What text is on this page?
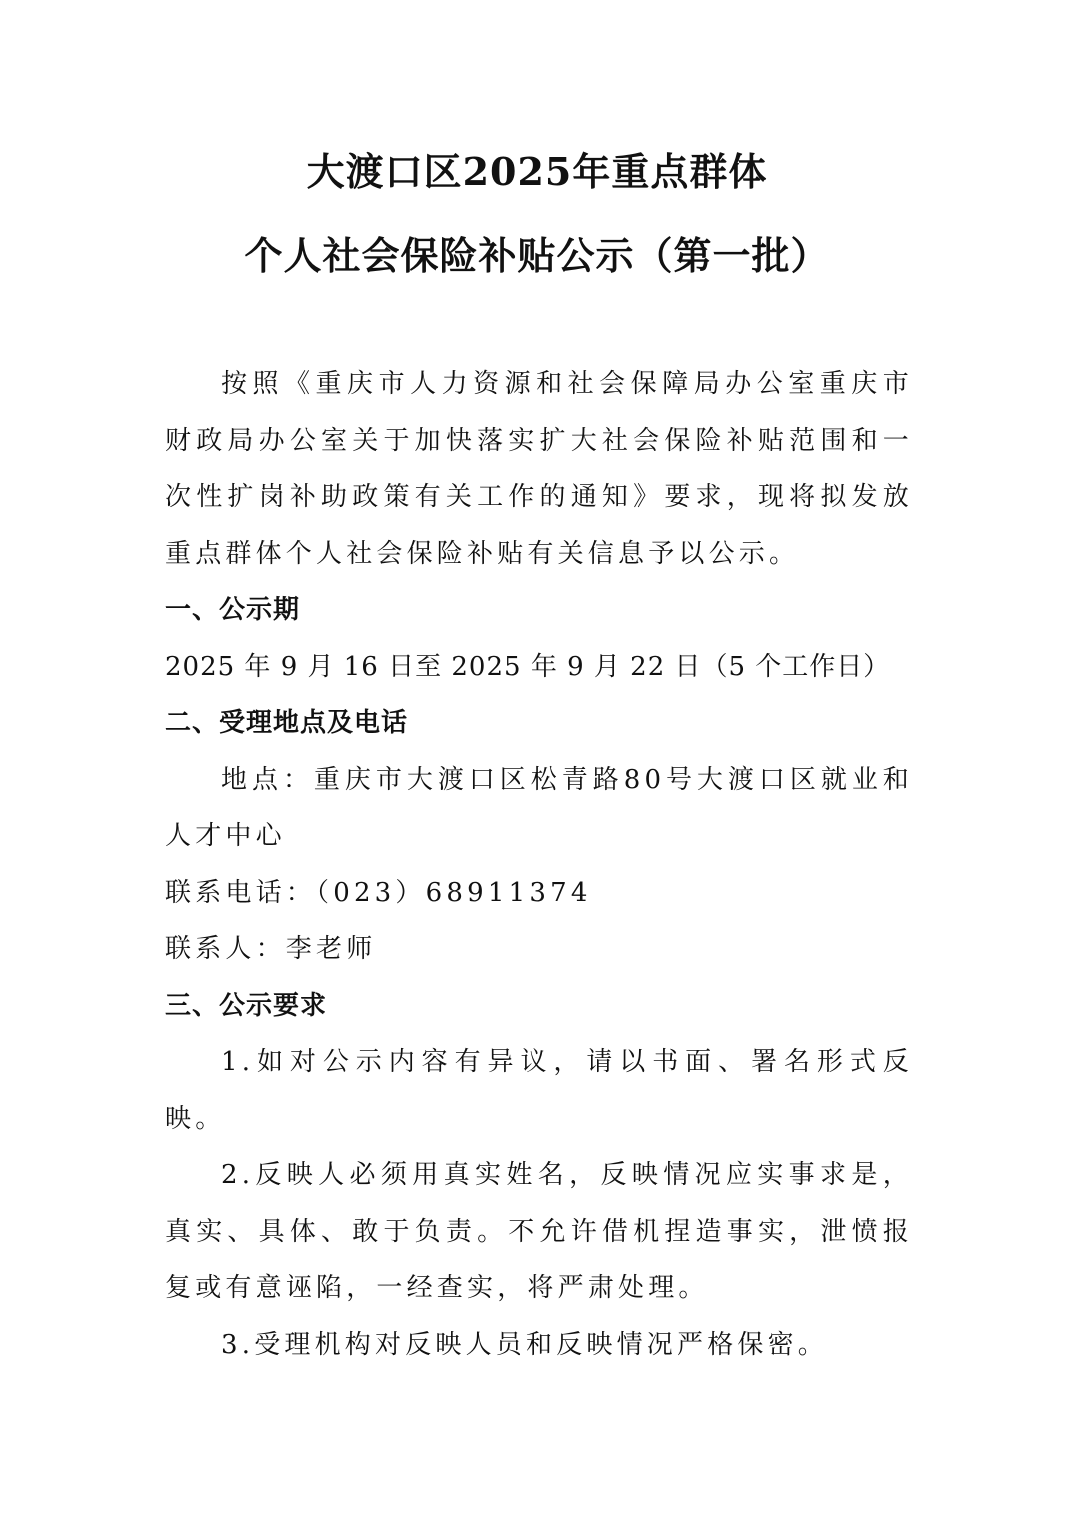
大渡口区2025年重点群体
个人社会保险补贴公示（第一批）

按照《重庆市人力资源和社会保障局办公室重庆市财政局办公室关于加快落实扩大社会保险补贴范围和一次性扩岗补助政策有关工作的通知》要求，现将拟发放重点群体个人社会保险补贴有关信息予以公示。

一、公示期

2025 年 9 月 16 日至 2025 年 9 月 22 日（5 个工作日）

二、受理地点及电话

地点：重庆市大渡口区松青路80号大渡口区就业和人才中心

联系电话：（023）68911374

联系人：李老师

三、公示要求

1.如对公示内容有异议，请以书面、署名形式反映。

2.反映人必须用真实姓名，反映情况应实事求是，真实、具体、敢于负责。不允许借机捏造事实，泄愤报复或有意诬陷，一经查实，将严肃处理。

3.受理机构对反映人员和反映情况严格保密。
